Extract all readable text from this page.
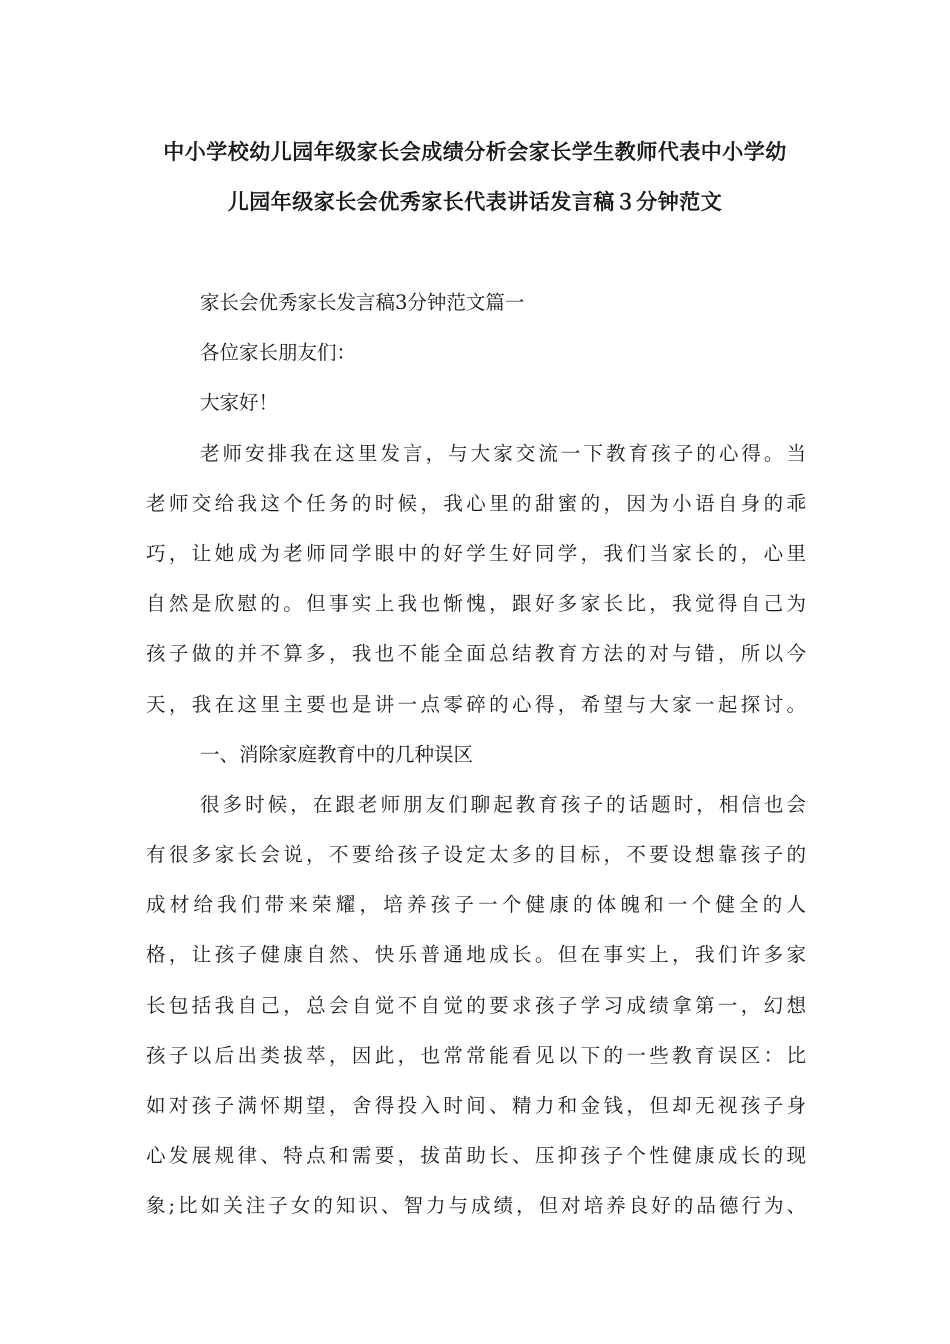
中小学校幼儿园年级家长会成绩分析会家长学生教师代表中小学幼
儿园年级家长会优秀家长代表讲话发言稿３分钟范文
家长会优秀家长发言稿3分钟范文篇一
各位家长朋友们：
大家好！
老师安排我在这里发言，与大家交流一下教育孩子的心得。当
老师交给我这个任务的时候，我心里的甜蜜的，因为小语自身的乖
巧，让她成为老师同学眼中的好学生好同学，我们当家长的，心里
自然是欣慰的。但事实上我也惭愧，跟好多家长比，我觉得自己为
孩子做的并不算多，我也不能全面总结教育方法的对与错，所以今
天，我在这里主要也是讲一点零碎的心得，希望与大家一起探讨。
一、消除家庭教育中的几种误区
很多时候，在跟老师朋友们聊起教育孩子的话题时，相信也会
有很多家长会说，不要给孩子设定太多的目标，不要设想靠孩子的
成材给我们带来荣耀，培养孩子一个健康的体魄和一个健全的人
格，让孩子健康自然、快乐普通地成长。但在事实上，我们许多家
长包括我自己，总会自觉不自觉的要求孩子学习成绩拿第一，幻想
孩子以后出类拔萃，因此，也常常能看见以下的一些教育误区：比
如对孩子满怀期望，舍得投入时间、精力和金钱，但却无视孩子身
心发展规律、特点和需要，拔苗助长、压抑孩子个性健康成长的现
象;比如关注子女的知识、智力与成绩，但对培养良好的品德行为、
